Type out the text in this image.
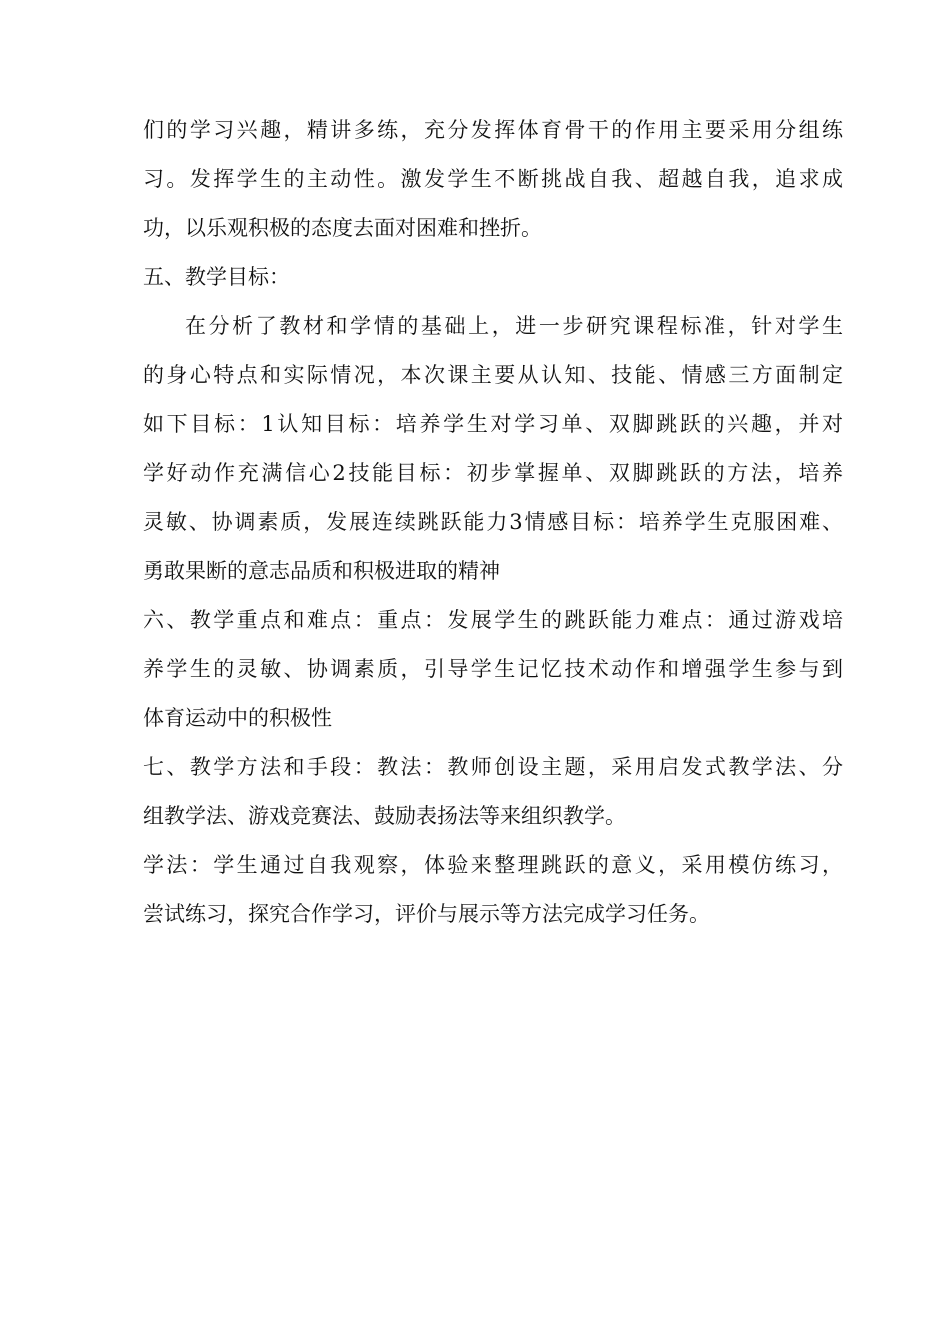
们的学习兴趣，精讲多练，充分发挥体育骨干的作用主要采用分组练
习。发挥学生的主动性。激发学生不断挑战自我、超越自我，追求成
功，以乐观积极的态度去面对困难和挫折。
五、教学目标：
在分析了教材和学情的基础上，进一步研究课程标准，针对学生
的身心特点和实际情况，本次课主要从认知、技能、情感三方面制定
如下目标：1认知目标：培养学生对学习单、双脚跳跃的兴趣，并对
学好动作充满信心2技能目标：初步掌握单、双脚跳跃的方法，培养
灵敏、协调素质，发展连续跳跃能力3情感目标：培养学生克服困难、
勇敢果断的意志品质和积极进取的精神
六、教学重点和难点：重点：发展学生的跳跃能力难点：通过游戏培
养学生的灵敏、协调素质，引导学生记忆技术动作和增强学生参与到
体育运动中的积极性
七、教学方法和手段：教法：教师创设主题，采用启发式教学法、分
组教学法、游戏竞赛法、鼓励表扬法等来组织教学。
学法：学生通过自我观察，体验来整理跳跃的意义，采用模仿练习，
尝试练习，探究合作学习，评价与展示等方法完成学习任务。
